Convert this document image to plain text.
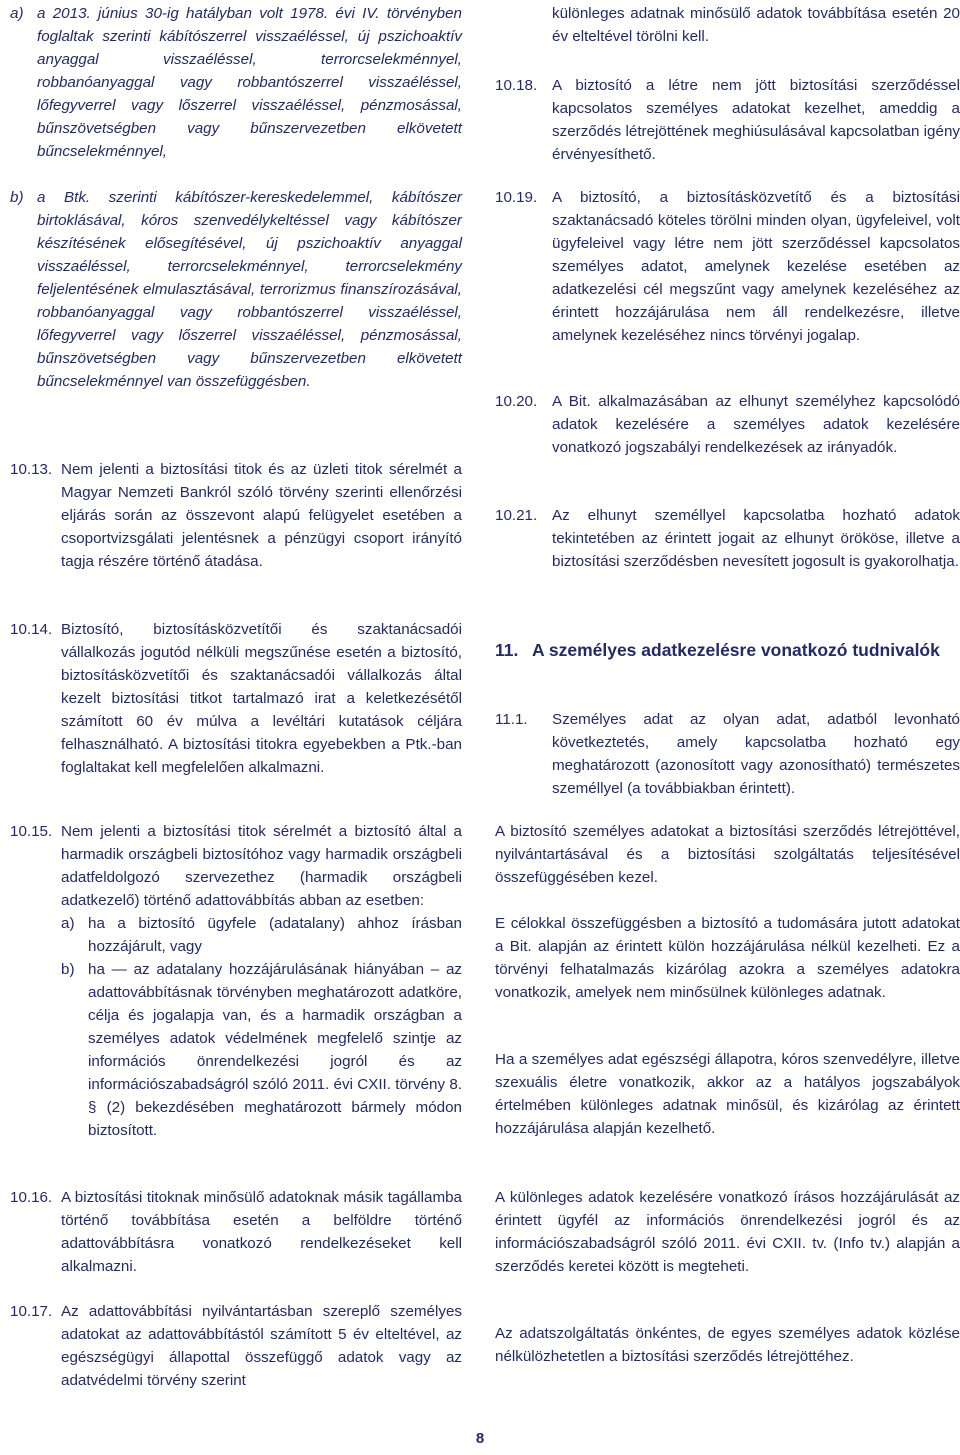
a) a 2013. június 30-ig hatályban volt 1978. évi IV. törvényben foglaltak szerinti kábítószerrel visszaéléssel, új pszichoaktív anyaggal visszaéléssel, terrorcselekménnyel, robbanóanyaggal vagy robbantószerrel visszaéléssel, lőfegyverrel vagy lőszerrel visszaéléssel, pénzmosással, bűnszövetségben vagy bűnszervezetben elkövetett bűncselekménnyel,

b) a Btk. szerinti kábítószer-kereskedelemmel, kábítószer birtoklásával, kóros szenvedélykeltéssel vagy kábítószer készítésének elősegítésével, új pszichoaktív anyaggal visszaéléssel, terrorcselekménnyel, terrorcselekmény feljelentésének elmulasztásával, terrorizmus finanszírozásával, robbanóanyaggal vagy robbantószerrel visszaéléssel, lőfegyverrel vagy lőszerrel visszaéléssel, pénzmosással, bűnszövetségben vagy bűnszervezetben elkövetett bűncselekménnyel van összefüggésben.

10.13. Nem jelenti a biztosítási titok és az üzleti titok sérelmét a Magyar Nemzeti Bankról szóló törvény szerinti ellenőrzési eljárás során az összevont alapú felügyelet esetében a csoportvizsgálati jelentésnek a pénzügyi csoport irányító tagja részére történő átadása.

10.14. Biztosító, biztosításközvetítői és szaktanácsadói vállalkozás jogutód nélküli megszűnése esetén a biztosító, biztosításközvetítői és szaktanácsadói vállalkozás által kezelt biztosítási titkot tartalmazó irat a keletkezésétől számított 60 év múlva a levéltári kutatások céljára felhasználható. A biztosítási titokra egyebekben a Ptk.-ban foglaltakat kell megfelelően alkalmazni.

10.15. Nem jelenti a biztosítási titok sérelmét a biztosító által a harmadik országbeli biztosítóhoz vagy harmadik országbeli adatfeldolgozó szervezethez (harmadik országbeli adatkezelő) történő adattovábbítás abban az esetben:

a) ha a biztosító ügyfele (adatalany) ahhoz írásban hozzájárult, vagy

b) ha — az adatalany hozzájárulásának hiányában – az adattovábbításnak törvényben meghatározott adatköre, célja és jogalapja van, és a harmadik országban a személyes adatok védelmének megfelelő szintje az információs önrendelkezési jogról és az információszabadságról szóló 2011. évi CXII. törvény 8. § (2) bekezdésében meghatározott bármely módon biztosított.

10.16. A biztosítási titoknak minősülő adatoknak másik tagállamba történő továbbítása esetén a belföldre történő adattovábbításra vonatkozó rendelkezéseket kell alkalmazni.

10.17. Az adattovábbítási nyilvántartásban szereplő személyes adatokat az adattovábbítástól számított 5 év elteltével, az egészségügyi állapottal összefüggő adatok vagy az adatvédelmi törvény szerint

különleges adatnak minősülő adatok továbbítása esetén 20 év elteltével törölni kell.

10.18. A biztosító a létre nem jött biztosítási szerződéssel kapcsolatos személyes adatokat kezelhet, ameddig a szerződés létrejöttének meghiúsulásával kapcsolatban igény érvényesíthető.

10.19. A biztosító, a biztosításközvetítő és a biztosítási szaktanácsadó köteles törölni minden olyan, ügyfeleivel, volt ügyfeleivel vagy létre nem jött szerződéssel kapcsolatos személyes adatot, amelynek kezelése esetében az adatkezelési cél megszűnt vagy amelynek kezeléséhez az érintett hozzájárulása nem áll rendelkezésre, illetve amelynek kezeléséhez nincs törvényi jogalap.

10.20. A Bit. alkalmazásában az elhunyt személyhez kapcsolódó adatok kezelésére a személyes adatok kezelésére vonatkozó jogszabályi rendelkezések az irányadók.

10.21. Az elhunyt személlyel kapcsolatba hozható adatok tekintetében az érintett jogait az elhunyt örököse, illetve a biztosítási szerződésben nevesített jogosult is gyakorolhatja.

11. A személyes adatkezelésre vonatkozó tudnivalók
11.1. Személyes adat az olyan adat, adatból levonható következtetés, amely kapcsolatba hozható egy meghatározott (azonosított vagy azonosítható) természetes személlyel (a továbbiakban érintett).

A biztosító személyes adatokat a biztosítási szerződés létrejöttével, nyilvántartásával és a biztosítási szolgáltatás teljesítésével összefüggésében kezel.

E célokkal összefüggésben a biztosító a tudomására jutott adatokat a Bit. alapján az érintett külön hozzájárulása nélkül kezelheti. Ez a törvényi felhatalmazás kizárólag azokra a személyes adatokra vonatkozik, amelyek nem minősülnek különleges adatnak.

Ha a személyes adat egészségi állapotra, kóros szenvedélyre, illetve szexuális életre vonatkozik, akkor az a hatályos jogszabályok értelmében különleges adatnak minősül, és kizárólag az érintett hozzájárulása alapján kezelhető.

A különleges adatok kezelésére vonatkozó írásos hozzájárulását az érintett ügyfél az információs önrendelkezési jogról és az információszabadságról szóló 2011. évi CXII. tv. (Info tv.) alapján a szerződés keretei között is megteheti.

Az adatszolgáltatás önkéntes, de egyes személyes adatok közlése nélkülözhetetlen a biztosítási szerződés létrejöttéhez.

8
